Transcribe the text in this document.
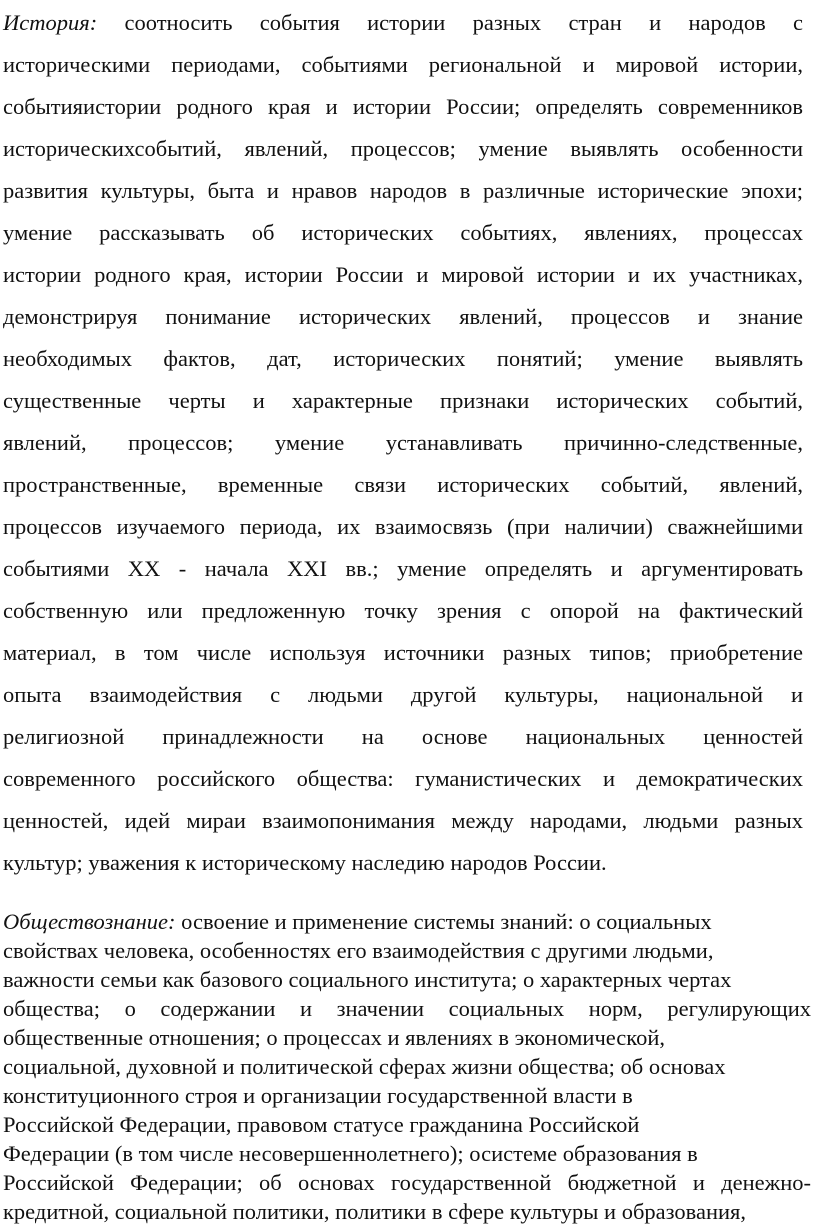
История: соотносить события истории разных стран и народов с
историческими периодами, событиями региональной и мировой истории,
событияистории родного края и истории России; определять современников
историческихсобытий, явлений, процессов; умение выявлять особенности
развития культуры, быта и нравов народов в различные исторические эпохи;
умение рассказывать об исторических событиях, явлениях, процессах
истории родного края, истории России и мировой истории и их участниках,
демонстрируя понимание исторических явлений, процессов и знание
необходимых фактов, дат, исторических понятий; умение выявлять
существенные черты и характерные признаки исторических событий,
явлений, процессов; умение устанавливать причинно-следственные,
пространственные, временные связи исторических событий, явлений,
процессов изучаемого периода, их взаимосвязь (при наличии) сважнейшими
событиями XX - начала XXI вв.; умение определять и аргументировать
собственную или предложенную точку зрения с опорой на фактический
материал, в том числе используя источники разных типов; приобретение
опыта взаимодействия с людьми другой культуры, национальной и
религиозной принадлежности на основе национальных ценностей
современного российского общества: гуманистических и демократических
ценностей, идей мираи взаимопонимания между народами, людьми разных
культур; уважения к историческому наследию народов России.
Обществознание: освоение и применение системы знаний: о социальных
свойствах человека, особенностях его взаимодействия с другими людьми,
важности семьи как базового социального института; о характерных чертах
общества; о содержании и значении социальных норм, регулирующих
общественные отношения; о процессах и явлениях в экономической,
социальной, духовной и политической сферах жизни общества; об основах
конституционного строя и организации государственной власти в
Российской Федерации, правовом статусе гражданина Российской
Федерации (в том числе несовершеннолетнего); осистеме образования в
Российской Федерации; об основах государственной бюджетной и денежно-
кредитной, социальной политики, политики в сфере культуры и образования,
